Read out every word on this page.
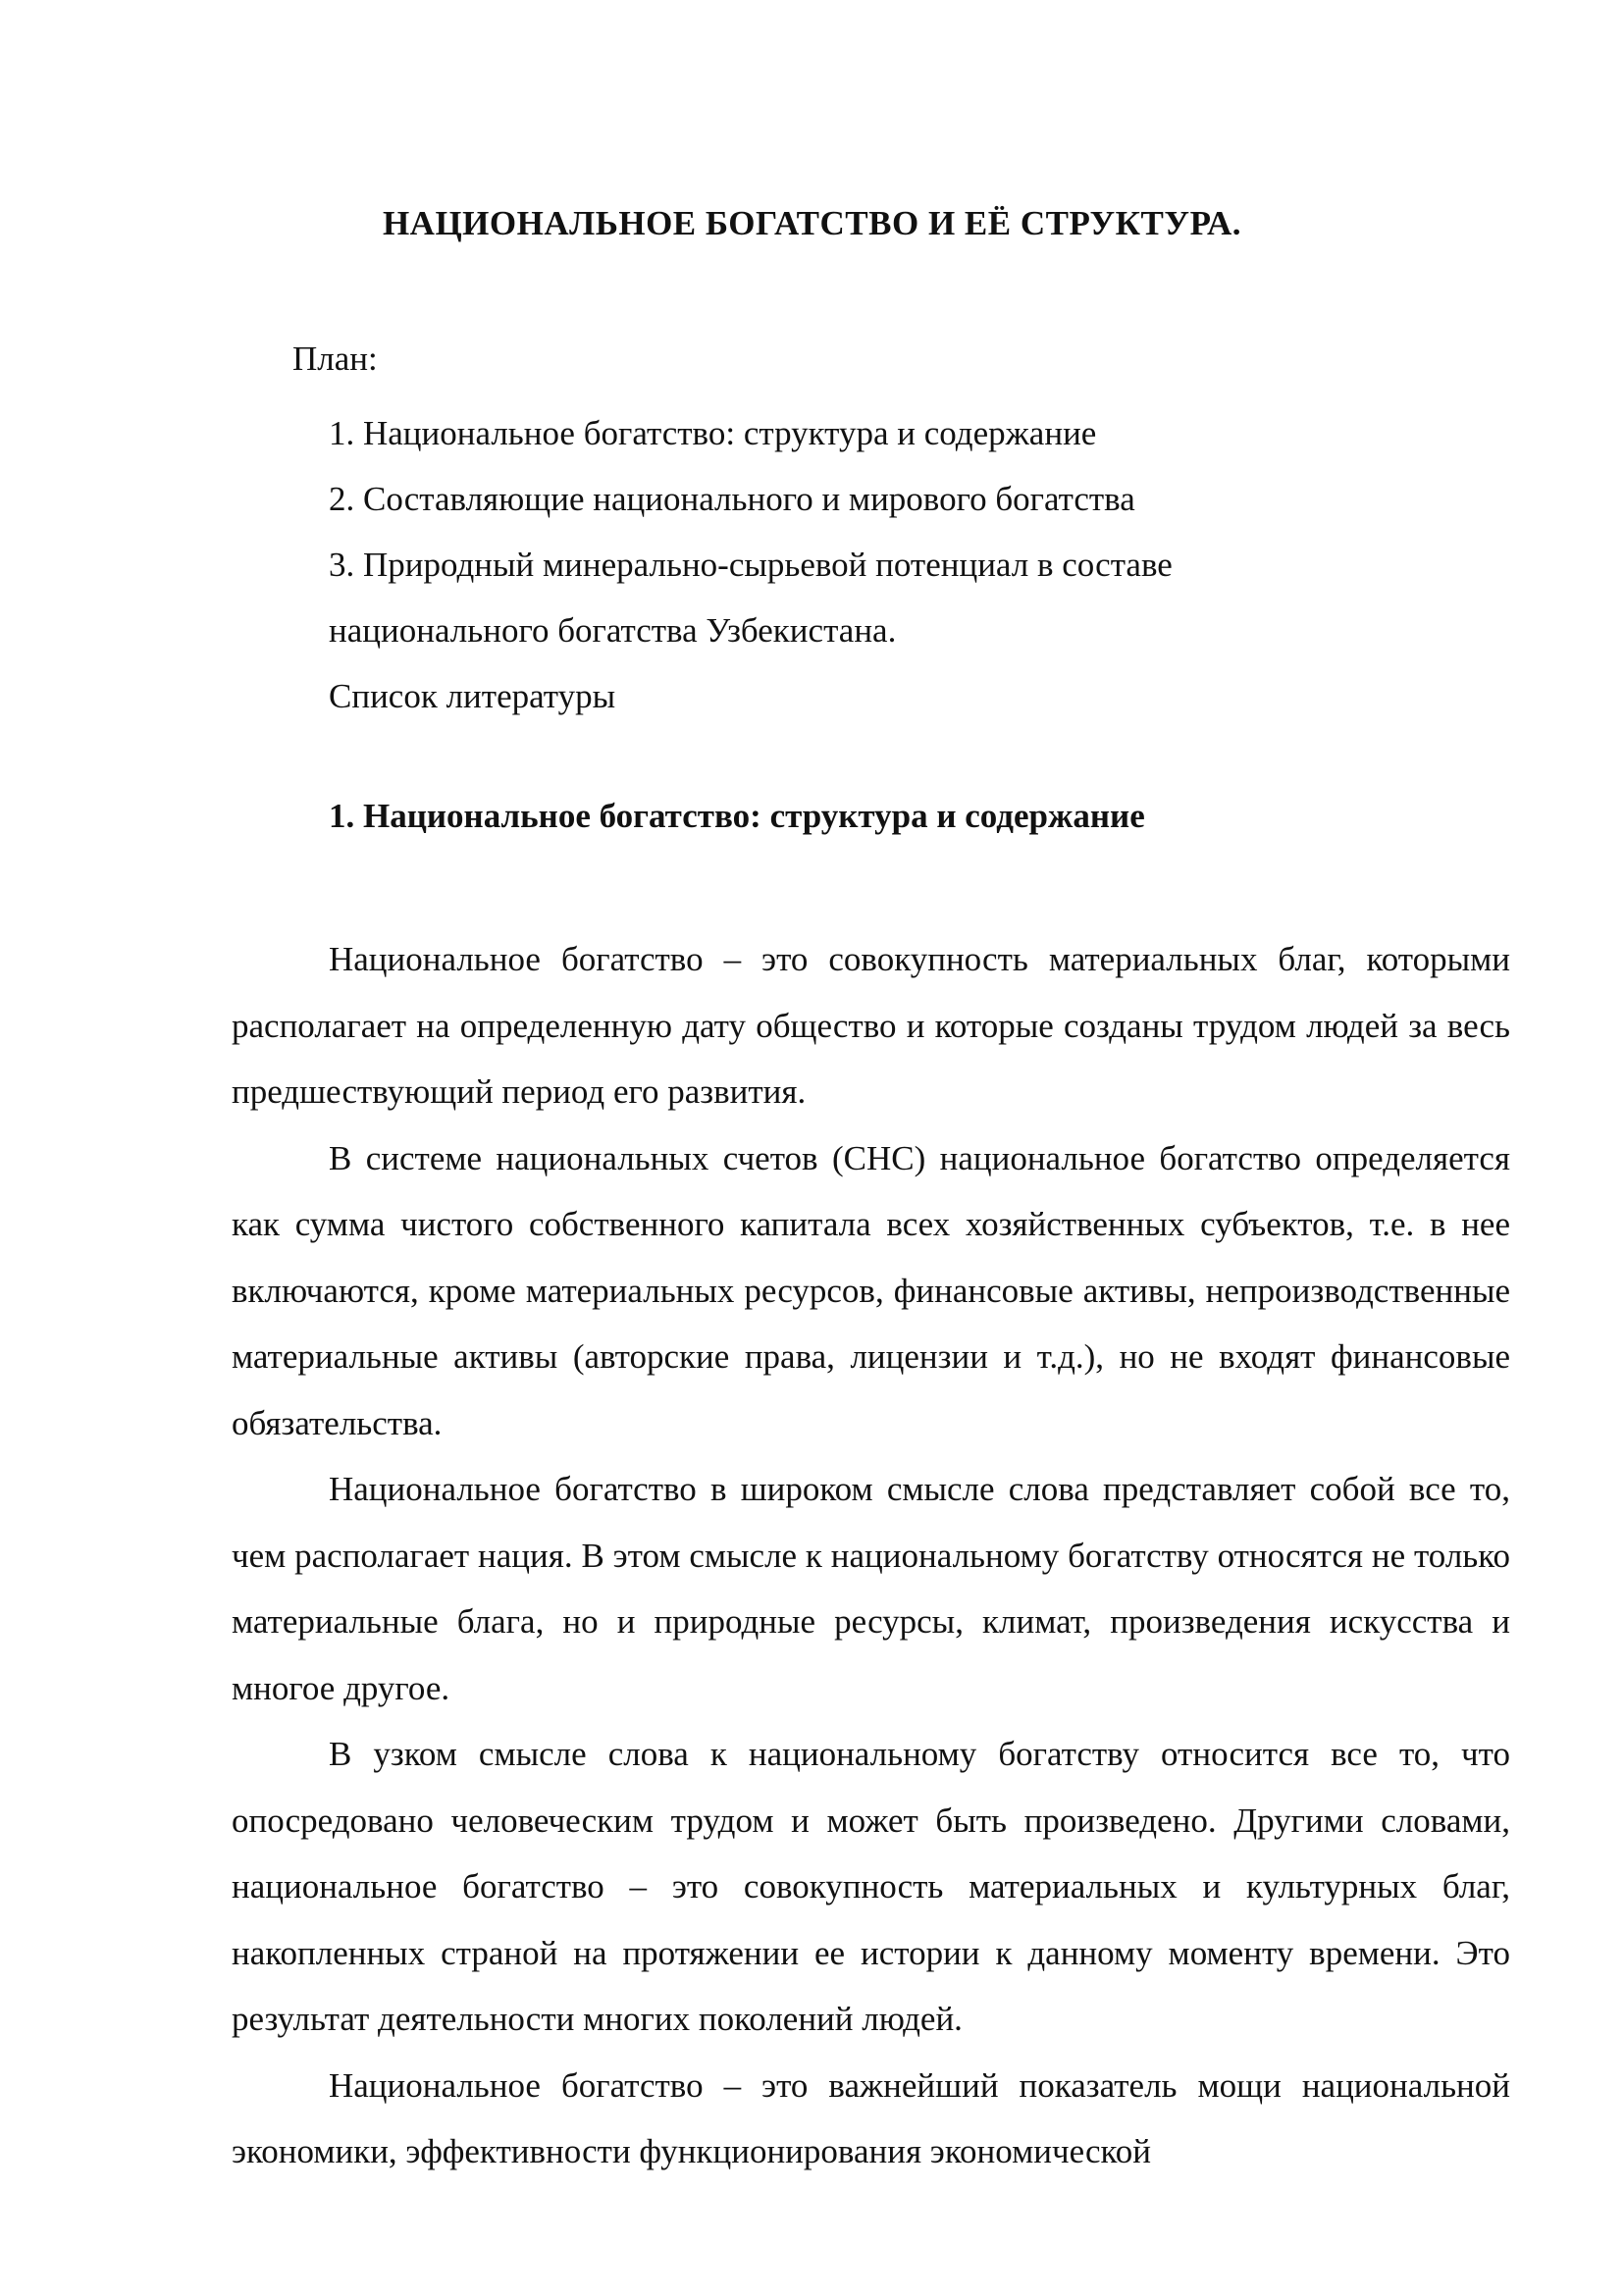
НАЦИОНАЛЬНОЕ БОГАТСТВО И ЕЁ СТРУКТУРА.
План:
1. Национальное богатство: структура и содержание
2. Составляющие национального и мирового богатства
3. Природный минерально-сырьевой потенциал в составе
национального богатства Узбекистана.
Список литературы
1. Национальное богатство: структура и содержание

Национальное богатство – это совокупность материальных благ, которыми располагает на определенную дату общество и которые созданы трудом людей за весь предшествующий период его развития.

В системе национальных счетов (СНС) национальное богатство определяется как сумма чистого собственного капитала всех хозяйственных субъектов, т.е. в нее включаются, кроме материальных ресурсов, финансовые активы, непроизводственные материальные активы (авторские права, лицензии и т.д.), но не входят финансовые обязательства.

Национальное богатство в широком смысле слова представляет собой все то, чем располагает нация. В этом смысле к национальному богатству относятся не только материальные блага, но и природные ресурсы, климат, произведения искусства и многое другое.

В узком смысле слова к национальному богатству относится все то, что опосредовано человеческим трудом и может быть произведено. Другими словами, национальное богатство – это совокупность материальных и культурных благ, накопленных страной на протяжении ее истории к данному моменту времени. Это результат деятельности многих поколений людей.

Национальное богатство – это важнейший показатель мощи национальной экономики, эффективности функционирования экономической
